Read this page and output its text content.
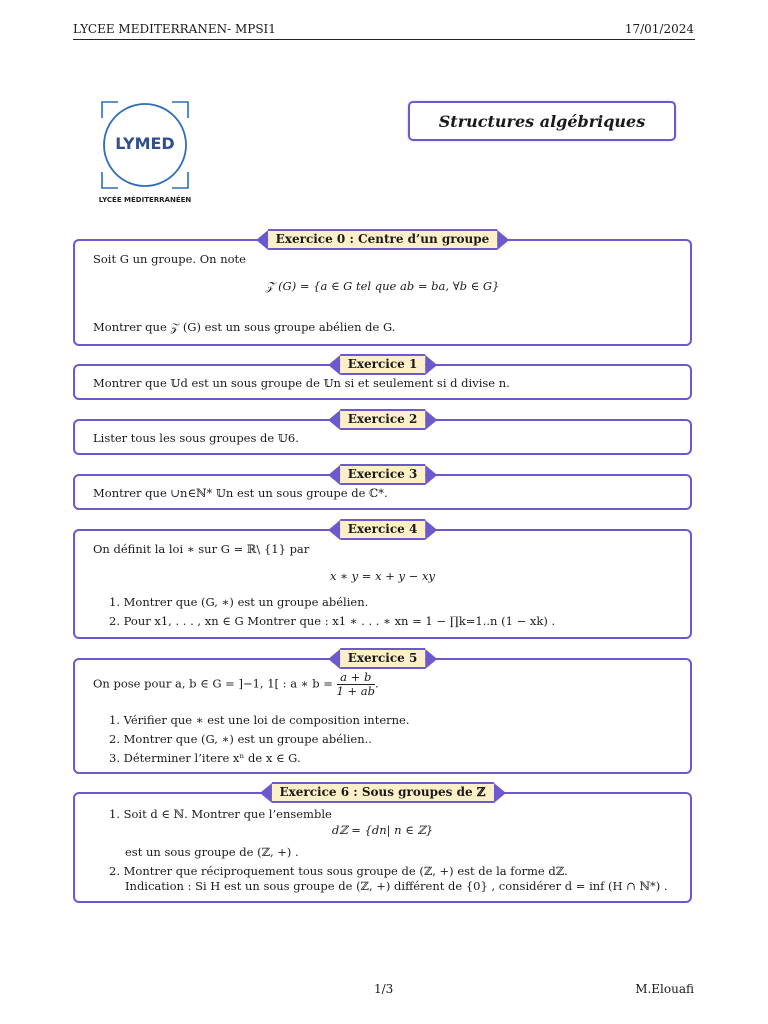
LYCEE MEDITERRANEN- MPSI1	17/01/2024
LYMED
LYCÉE MÉDITERRANÉEN
Structures algébriques
Exercice 0 : Centre d’un groupe
Soit G un groupe. On note
𝒵 (G) = {a ∈ G tel que ab = ba, ∀b ∈ G}
Montrer que 𝒵 (G) est un sous groupe abélien de G.
Exercice 1
Montrer que 𝕌d est un sous groupe de 𝕌n si et seulement si d divise n.
Exercice 2
Lister tous les sous groupes de 𝕌6.
Exercice 3
Montrer que ∪n∈ℕ* 𝕌n est un sous groupe de ℂ*.
Exercice 4
On définit la loi ∗ sur G = ℝ\ {1} par
x ∗ y = x + y − xy
1. Montrer que (G, ∗) est un groupe abélien.
2. Pour x1, . . . , xn ∈ G Montrer que : x1 ∗ . . . ∗ xn = 1 − ∏k=1..n (1 − xk) .
Exercice 5
On pose pour a, b ∈ G = ]−1, 1[ : a ∗ $b = \frac{a + b}{1 + ab}$ .
1. Vérifier que ∗ est une loi de composition interne.
2. Montrer que (G, ∗) est un groupe abélien..
3. Déterminer l’itere xⁿ de x ∈ G.
Exercice 6 : Sous groupes de ℤ
1. Soit d ∈ ℕ. Montrer que l’ensemble
dℤ = {dn| n ∈ ℤ}
est un sous groupe de (ℤ, +) .
2. Montrer que réciproquement tous sous groupe de (ℤ, +) est de la forme dℤ.
Indication : Si H est un sous groupe de (ℤ, +) différent de {0} , considérer d = inf (H ∩ ℕ*) .
1/3	M.Elouafi
